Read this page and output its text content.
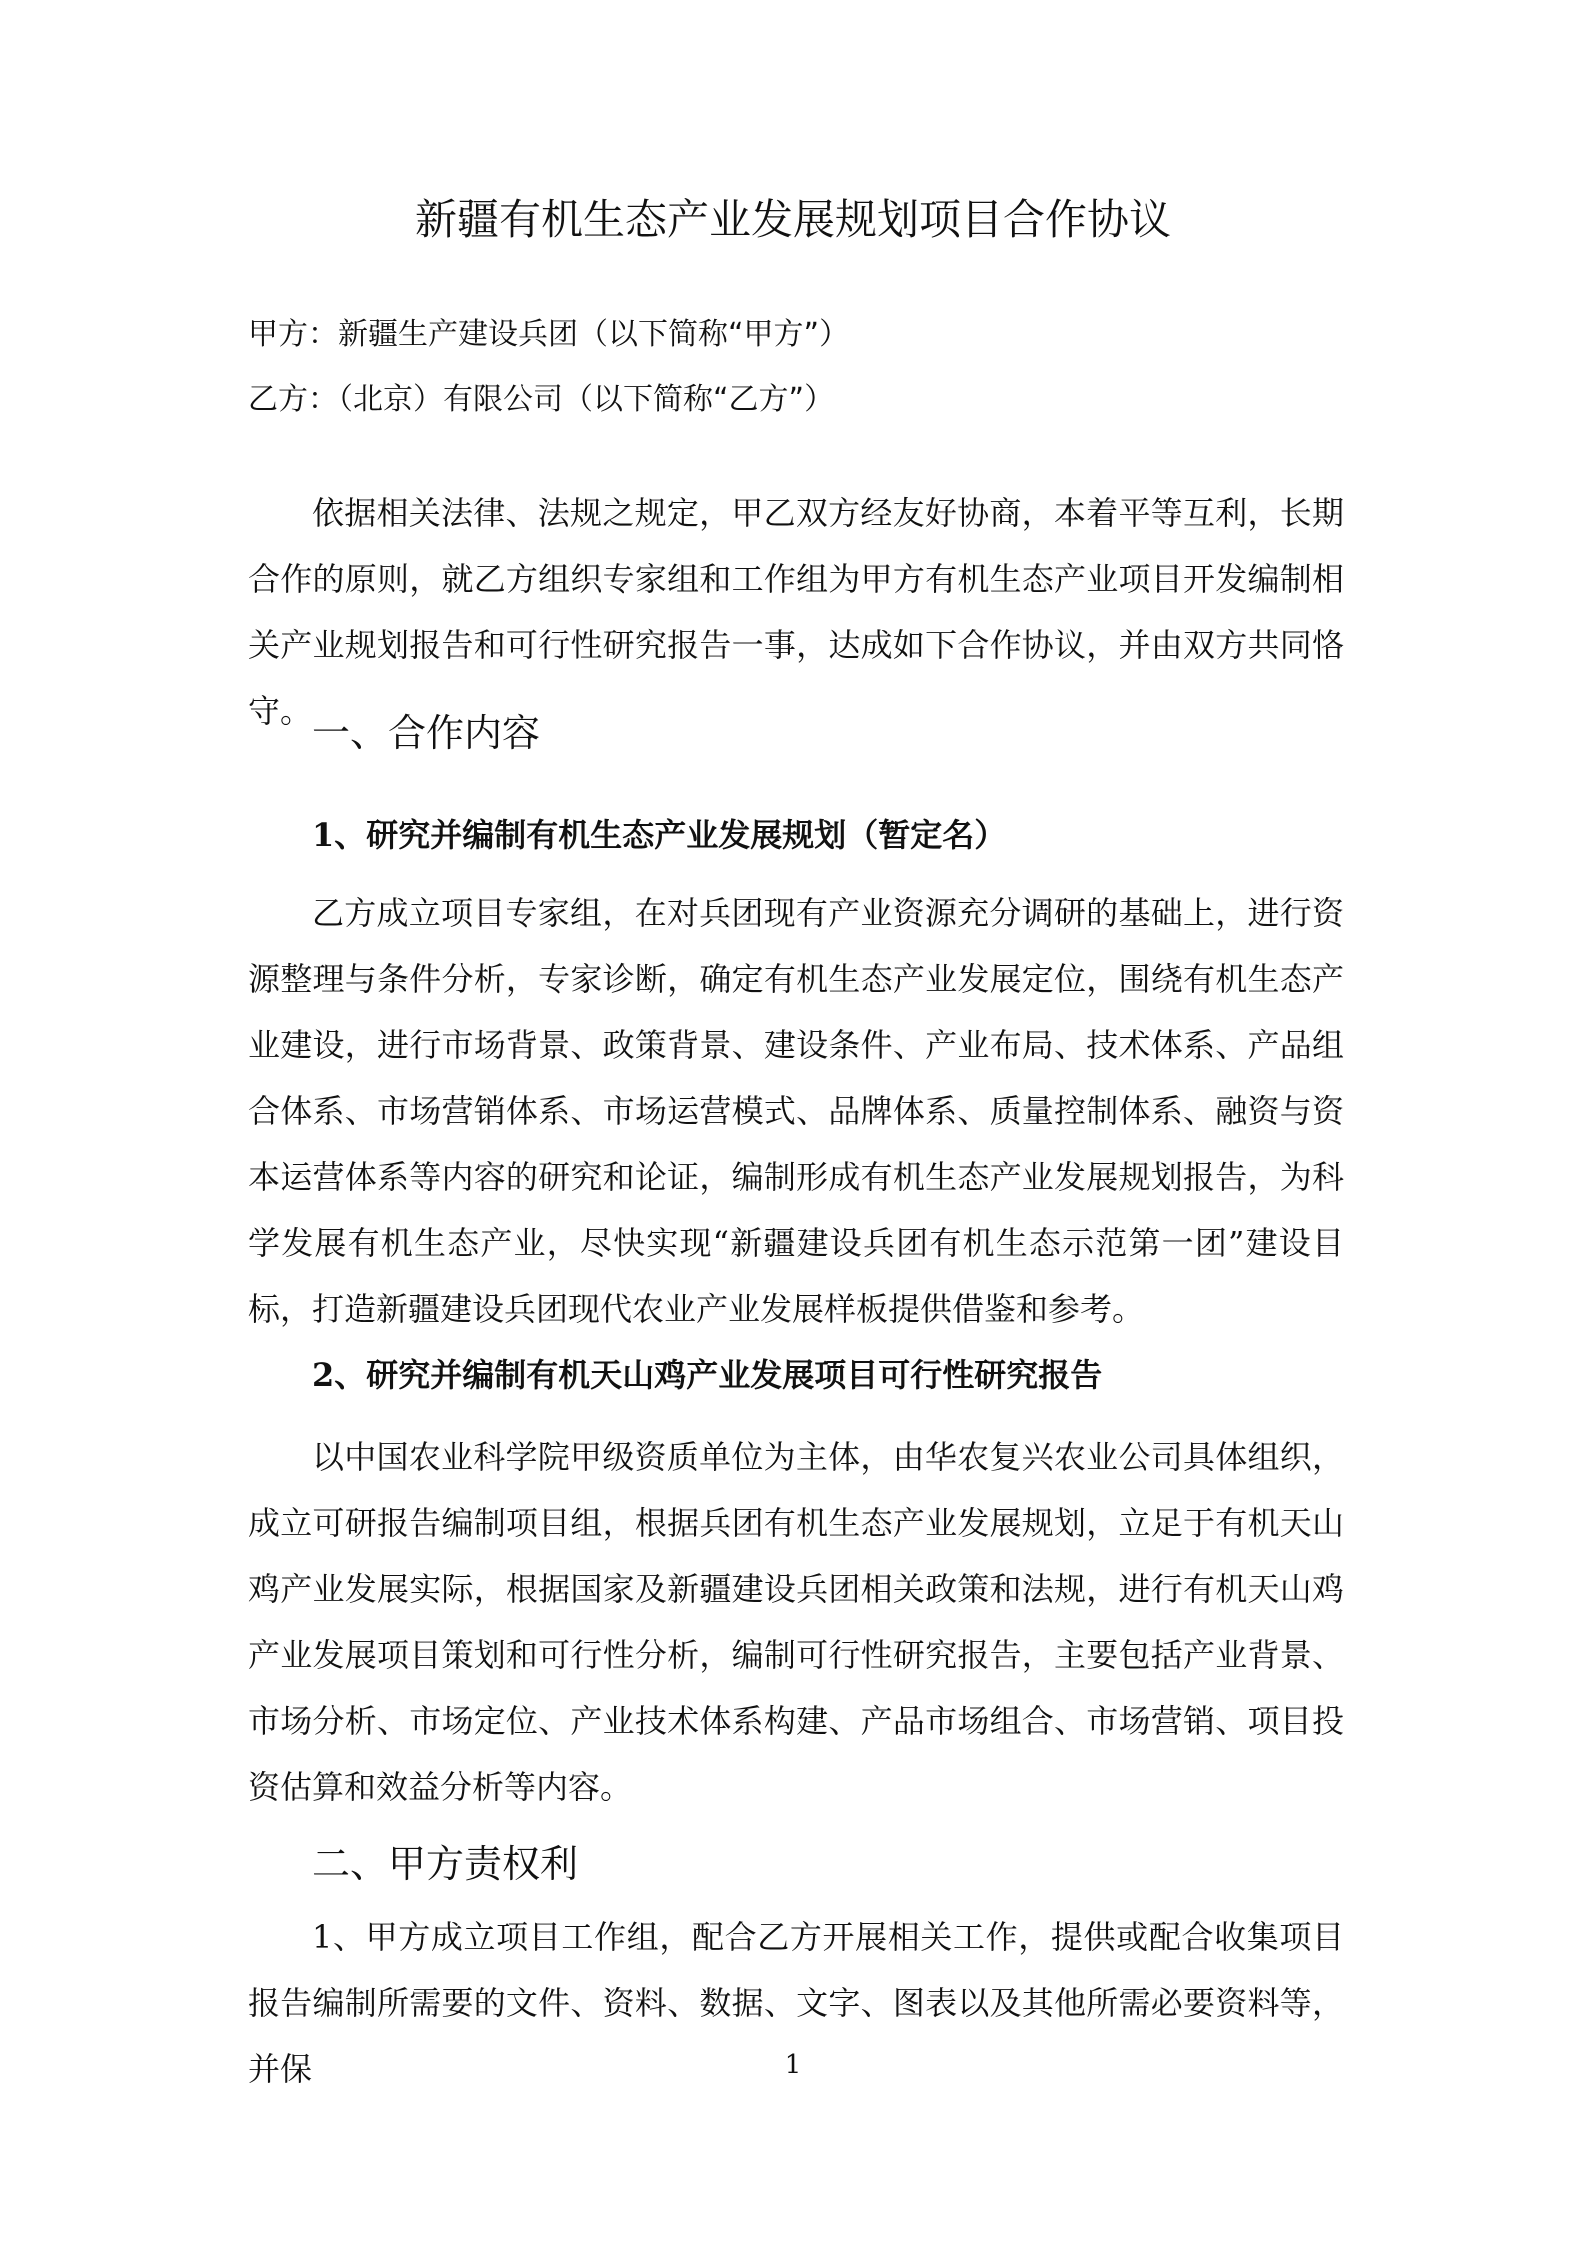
新疆有机生态产业发展规划项目合作协议
甲方：新疆生产建设兵团（以下简称“甲方”）
乙方：（北京）有限公司（以下简称“乙方”）

依据相关法律、法规之规定，甲乙双方经友好协商，本着平等互利，长期合作的原则，就乙方组织专家组和工作组为甲方有机生态产业项目开发编制相关产业规划报告和可行性研究报告一事，达成如下合作协议，并由双方共同恪守。 一、合作内容
1、研究并编制有机生态产业发展规划（暂定名）

乙方成立项目专家组，在对兵团现有产业资源充分调研的基础上，进行资源整理与条件分析，专家诊断，确定有机生态产业发展定位，围绕有机生态产业建设，进行市场背景、政策背景、建设条件、产业布局、技术体系、产品组合体系、市场营销体系、市场运营模式、品牌体系、质量控制体系、融资与资本运营体系等内容的研究和论证，编制形成有机生态产业发展规划报告，为科学发展有机生态产业，尽快实现“新疆建设兵团有机生态示范第一团”建设目标，打造新疆建设兵团现代农业产业发展样板提供借鉴和参考。

2、研究并编制有机天山鸡产业发展项目可行性研究报告

以中国农业科学院甲级资质单位为主体，由华农复兴农业公司具体组织，成立可研报告编制项目组，根据兵团有机生态产业发展规划，立足于有机天山鸡产业发展实际，根据国家及新疆建设兵团相关政策和法规，进行有机天山鸡产业发展项目策划和可行性分析，编制可行性研究报告，主要包括产业背景、市场分析、市场定位、产业技术体系构建、产品市场组合、市场营销、项目投资估算和效益分析等内容。

二、甲方责权利

1、甲方成立项目工作组，配合乙方开展相关工作，提供或配合收集项目报告编制所需要的文件、资料、数据、文字、图表以及其他所需必要资料等，并保	1
